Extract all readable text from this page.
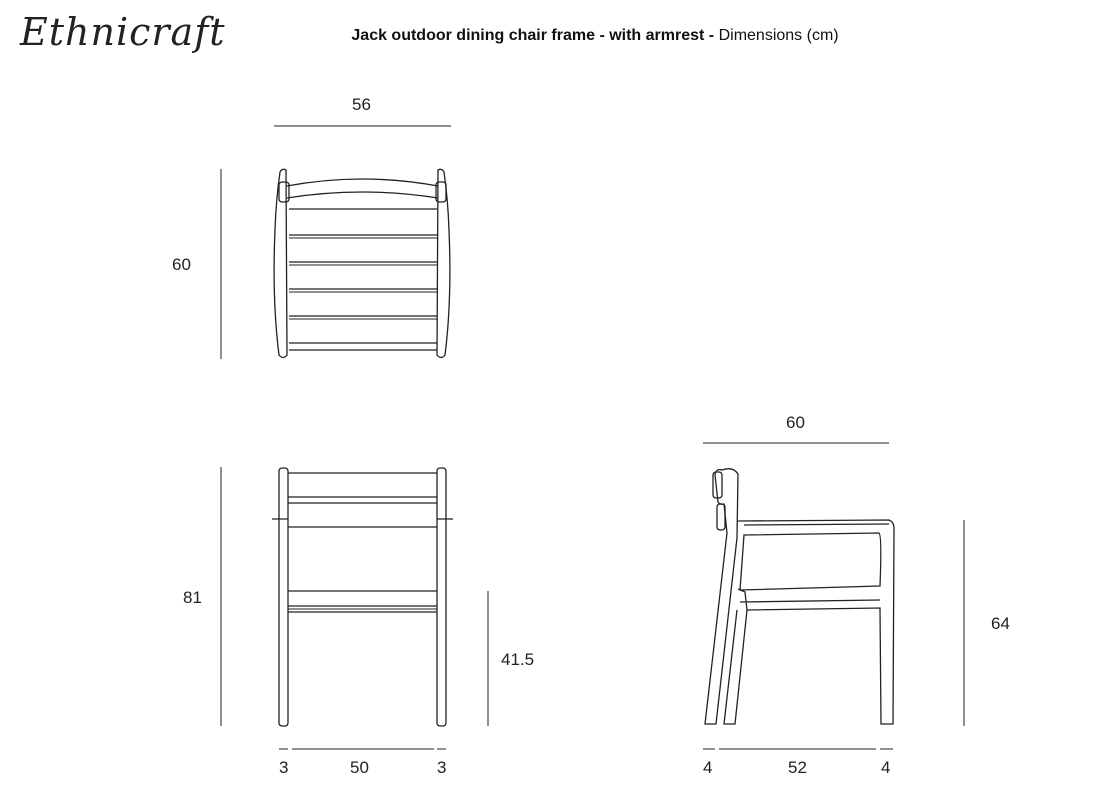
Ethnicraft	Jack outdoor dining chair frame - with armrest - Dimensions (cm)
56
60
81
41.5
3	50	3
60
64
4	52	4
